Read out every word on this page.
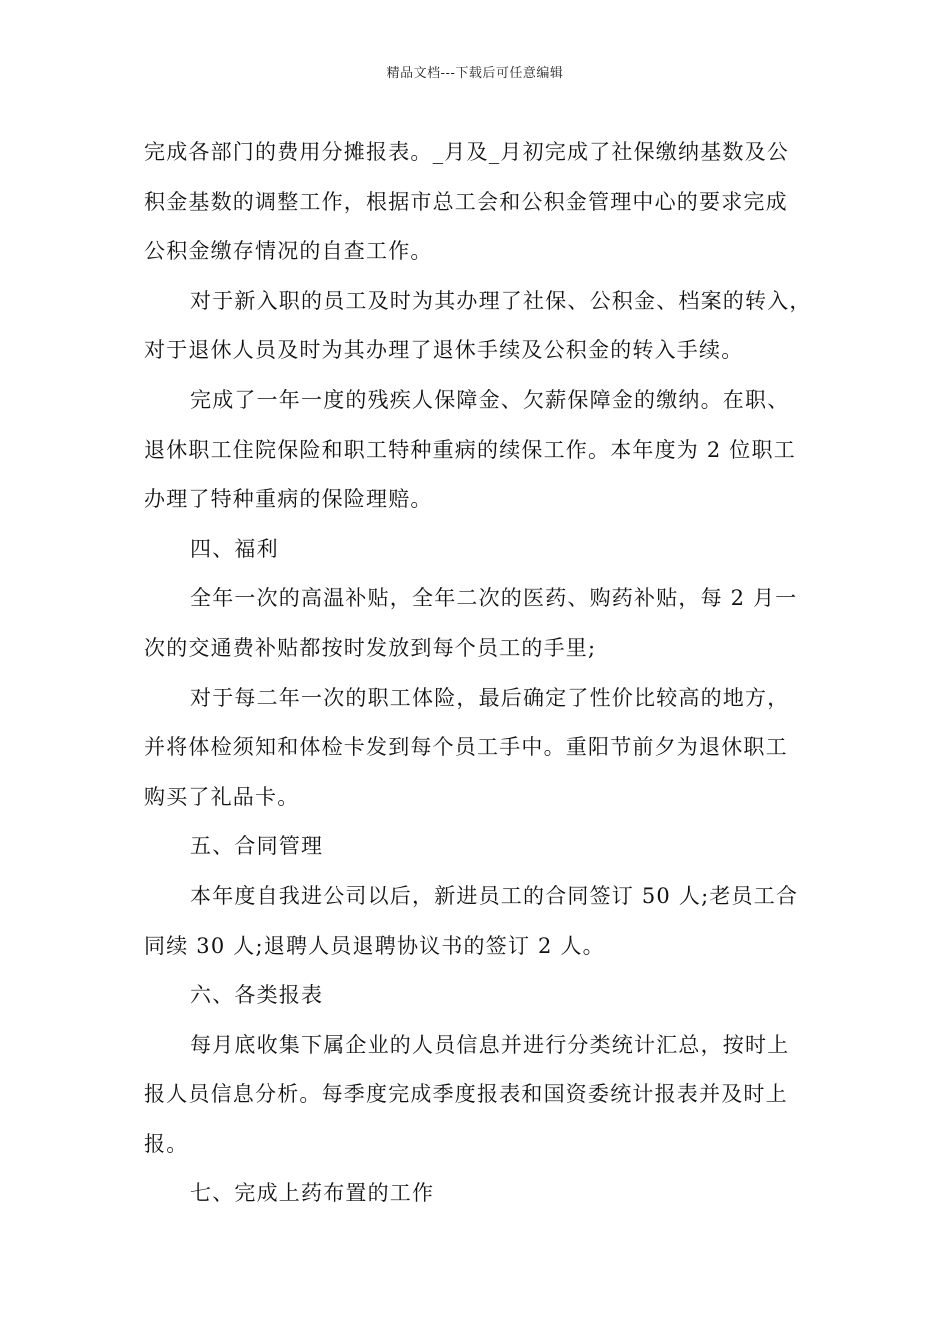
精品文档---下载后可任意编辑
完成各部门的费用分摊报表。_月及_月初完成了社保缴纳基数及公
积金基数的调整工作，根据市总工会和公积金管理中心的要求完成
公积金缴存情况的自查工作。
对于新入职的员工及时为其办理了社保、公积金、档案的转入，
对于退休人员及时为其办理了退休手续及公积金的转入手续。
完成了一年一度的残疾人保障金、欠薪保障金的缴纳。在职、
退休职工住院保险和职工特种重病的续保工作。本年度为 2 位职工
办理了特种重病的保险理赔。
四、福利
全年一次的高温补贴，全年二次的医药、购药补贴，每 2 月一
次的交通费补贴都按时发放到每个员工的手里;
对于每二年一次的职工体险，最后确定了性价比较高的地方，
并将体检须知和体检卡发到每个员工手中。重阳节前夕为退休职工
购买了礼品卡。
五、合同管理
本年度自我进公司以后，新进员工的合同签订 50 人;老员工合
同续 30 人;退聘人员退聘协议书的签订 2 人。
六、各类报表
每月底收集下属企业的人员信息并进行分类统计汇总，按时上
报人员信息分析。每季度完成季度报表和国资委统计报表并及时上
报。
七、完成上药布置的工作
